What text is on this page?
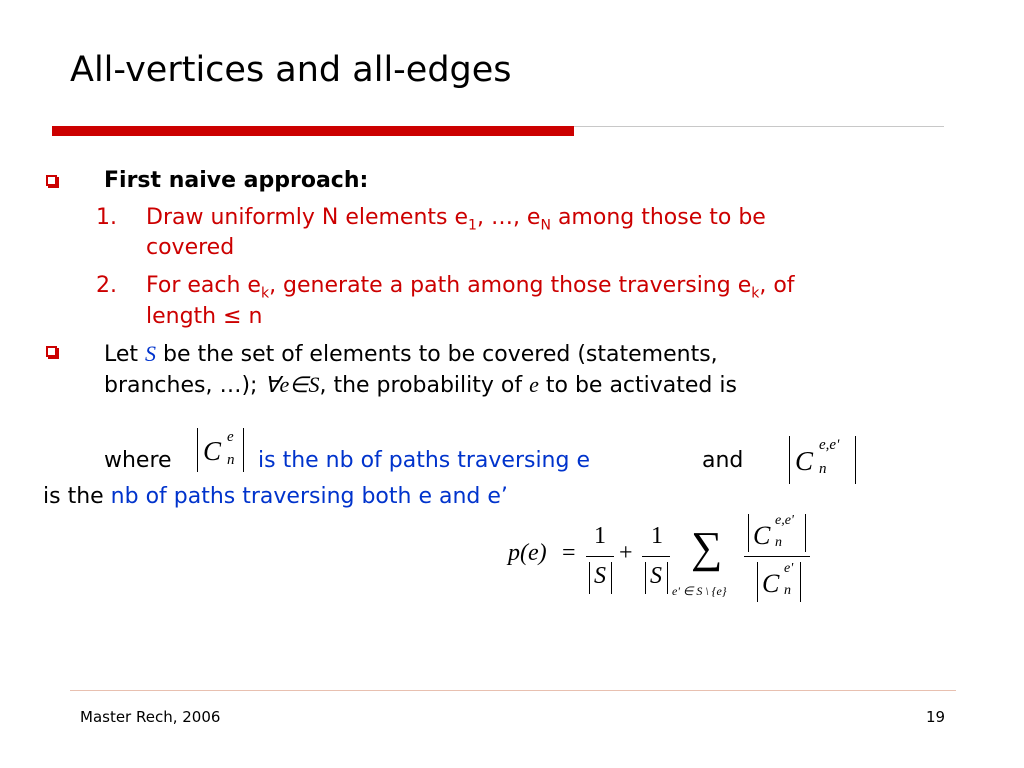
All-vertices and all-edges
First naive approach:
1. Draw uniformly N elements $e_1$, …, $e_N$ among those to be
covered
2. For each $e_k$, generate a path among those traversing $e_k$, of
length ≤ n
Let S be the set of elements to be covered (statements,
branches, …); ∀e∈S, the probability of e to be activated is
where C e
n is the nb of paths traversing e	and C
e,e'
n
is the nb of paths traversing both e and e’
p(e) =
1
S
+
1
S
∑
e' ∈ S \ {e}
C
e,e'
n
C
e'
n
Master Rech, 2006	19
